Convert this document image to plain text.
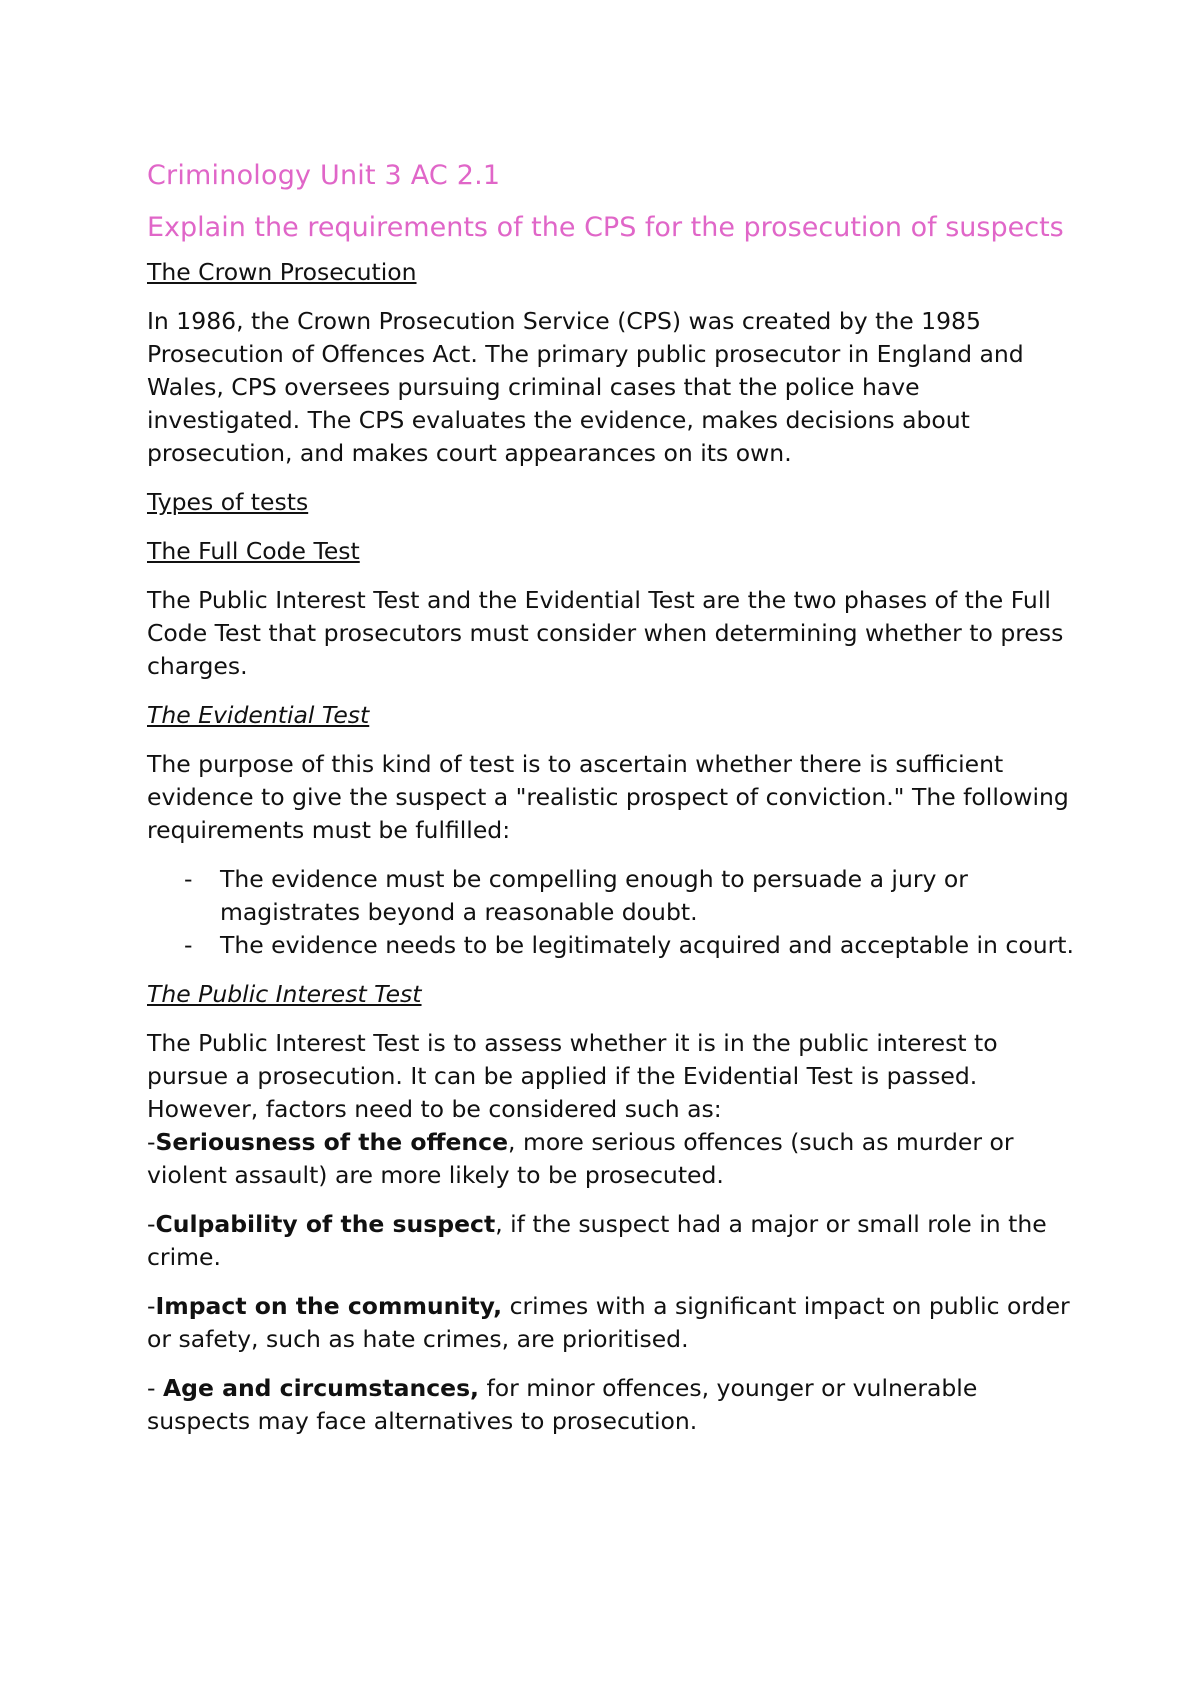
Criminology Unit 3 AC 2.1
Explain the requirements of the CPS for the prosecution of suspects
The Crown Prosecution
In 1986, the Crown Prosecution Service (CPS) was created by the 1985 Prosecution of Offences Act. The primary public prosecutor in England and Wales, CPS oversees pursuing criminal cases that the police have investigated. The CPS evaluates the evidence, makes decisions about prosecution, and makes court appearances on its own.
Types of tests
The Full Code Test
The Public Interest Test and the Evidential Test are the two phases of the Full Code Test that prosecutors must consider when determining whether to press charges.
The Evidential Test
The purpose of this kind of test is to ascertain whether there is sufficient evidence to give the suspect a "realistic prospect of conviction." The following requirements must be fulfilled:
- The evidence must be compelling enough to persuade a jury or magistrates beyond a reasonable doubt.
- The evidence needs to be legitimately acquired and acceptable in court.
The Public Interest Test
The Public Interest Test is to assess whether it is in the public interest to pursue a prosecution. It can be applied if the Evidential Test is passed. However, factors need to be considered such as:
-Seriousness of the offence, more serious offences (such as murder or violent assault) are more likely to be prosecuted.
-Culpability of the suspect, if the suspect had a major or small role in the crime.
-Impact on the community, crimes with a significant impact on public order or safety, such as hate crimes, are prioritised.
- Age and circumstances, for minor offences, younger or vulnerable suspects may face alternatives to prosecution.
